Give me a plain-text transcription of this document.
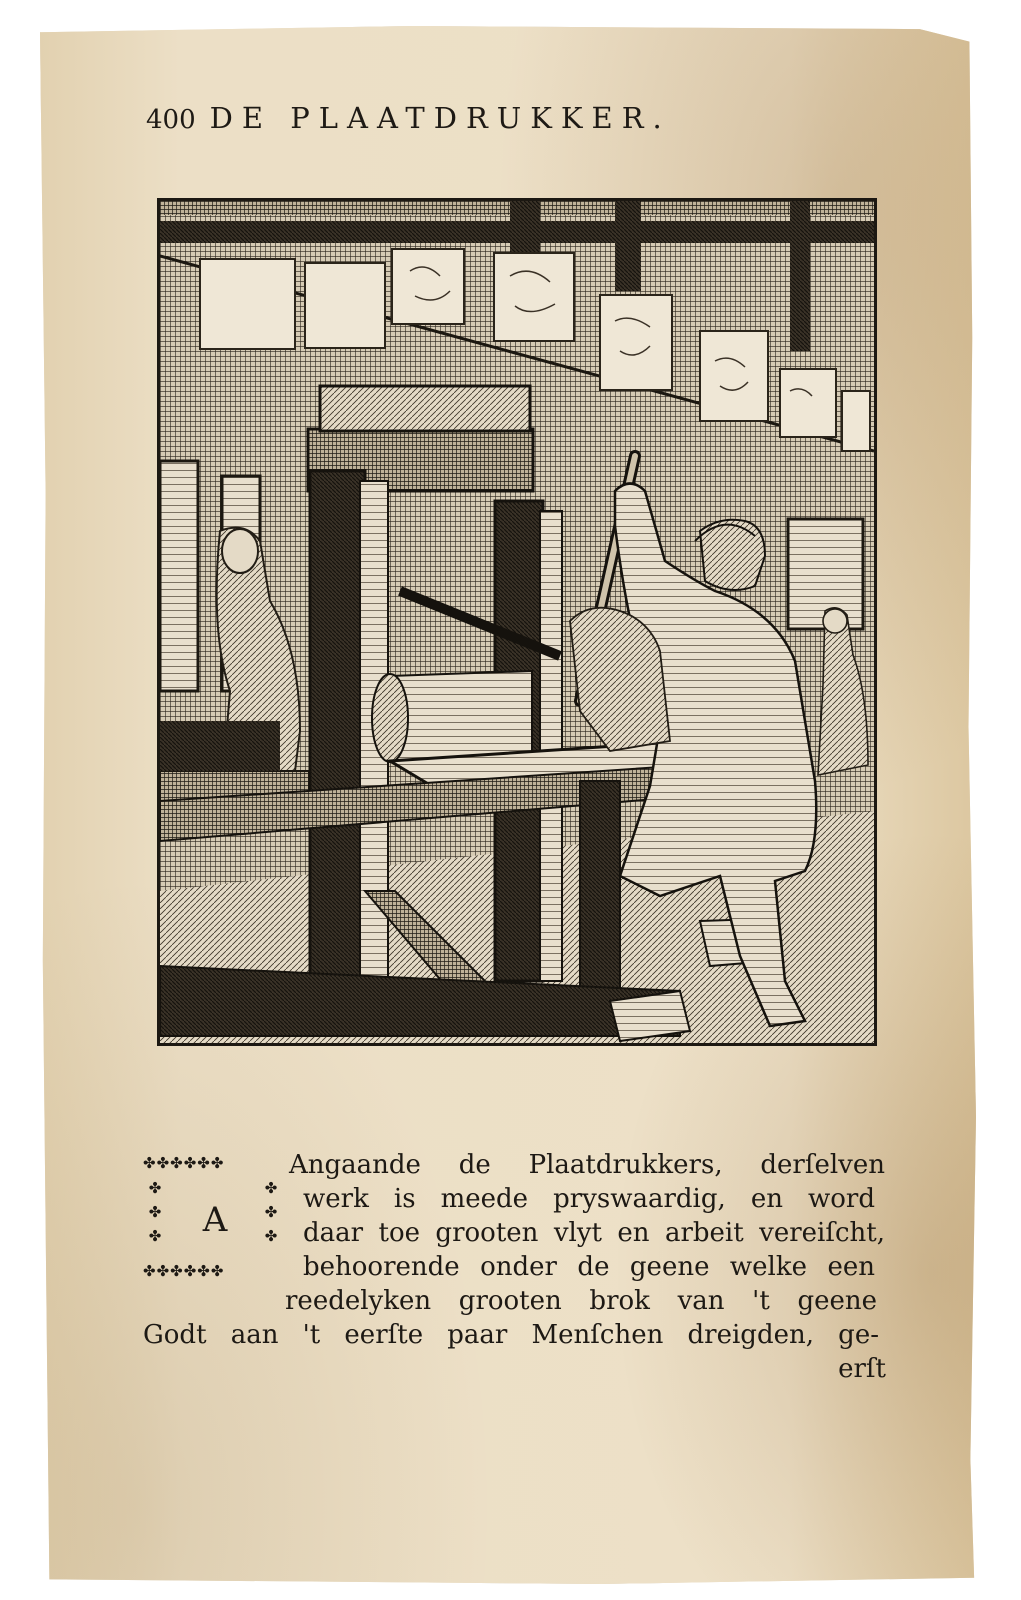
400 DE PLAATDRUKKER.
✤✤✤✤✤✤
✤
✤
✤
✤
✤
✤
✤✤✤✤✤✤
A
Angaande de Plaatdrukkers, derſelven
werk is meede pryswaardig, en word
daar toe grooten vlyt en arbeit vereiſcht,
behoorende onder de geene welke een
reedelyken grooten brok van 't geene
Godt aan 't eerſte paar Menſchen dreigden, ge-
erſt
